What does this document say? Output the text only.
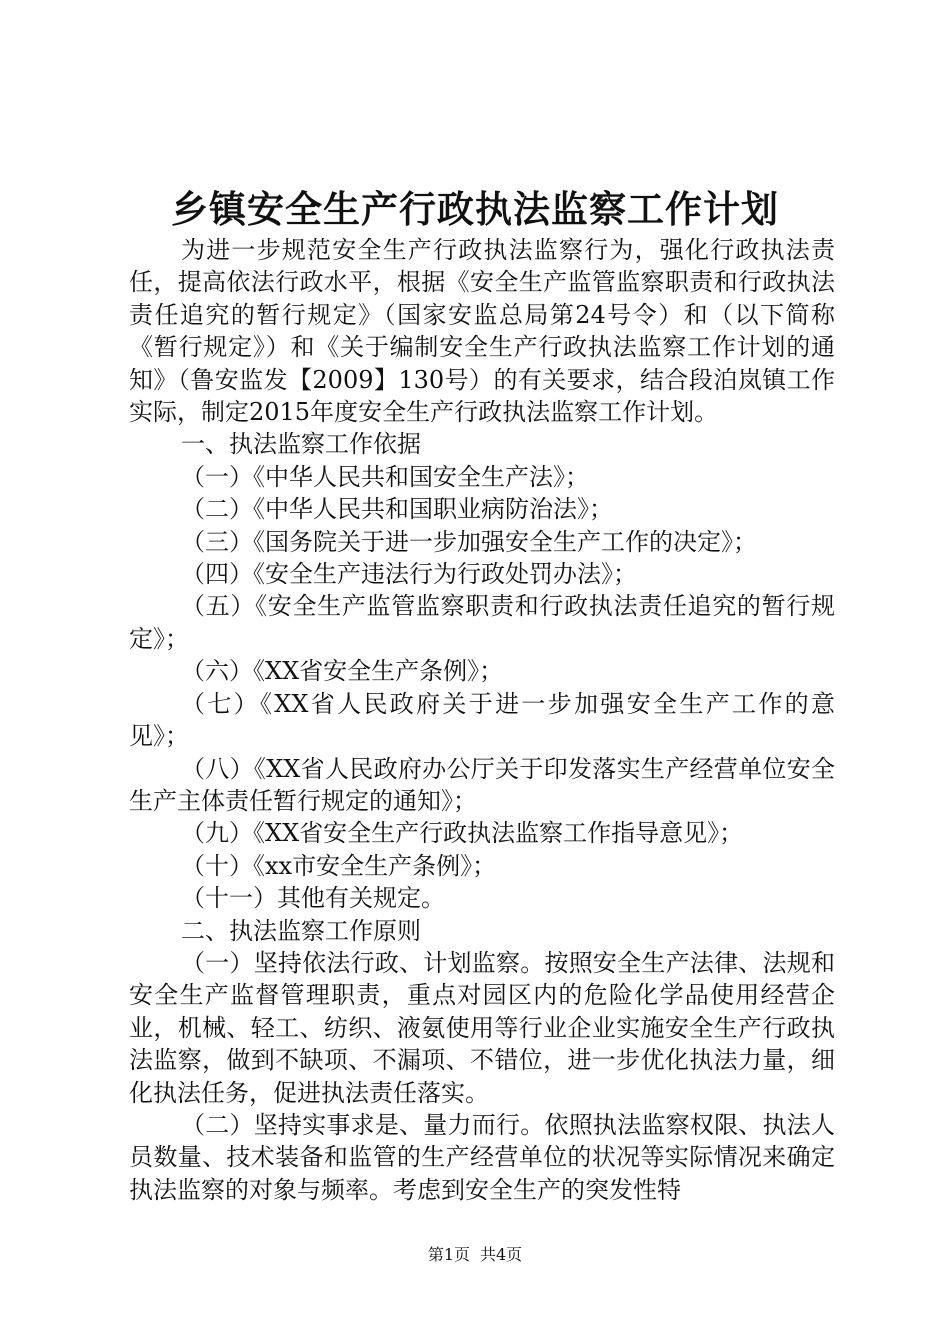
乡镇安全生产行政执法监察工作计划

为进一步规范安全生产行政执法监察行为，强化行政执法责任，提高依法行政水平，根据《安全生产监管监察职责和行政执法责任追究的暂行规定》（国家安监总局第24号令）和（以下简称《暂行规定》）和《关于编制安全生产行政执法监察工作计划的通知》（鲁安监发【2009】130号）的有关要求，结合段泊岚镇工作实际，制定2015年度安全生产行政执法监察工作计划。

一、执法监察工作依据

（一）《中华人民共和国安全生产法》；

（二）《中华人民共和国职业病防治法》；

（三）《国务院关于进一步加强安全生产工作的决定》；

（四）《安全生产违法行为行政处罚办法》；

（五）《安全生产监管监察职责和行政执法责任追究的暂行规定》；

（六）《XX省安全生产条例》；

（七）《XX省人民政府关于进一步加强安全生产工作的意见》；

（八）《XX省人民政府办公厅关于印发落实生产经营单位安全生产主体责任暂行规定的通知》；

（九）《XX省安全生产行政执法监察工作指导意见》；

（十）《xx市安全生产条例》；

（十一）其他有关规定。

二、执法监察工作原则

（一）坚持依法行政、计划监察。按照安全生产法律、法规和安全生产监督管理职责，重点对园区内的危险化学品使用经营企业，机械、轻工、纺织、液氨使用等行业企业实施安全生产行政执法监察，做到不缺项、不漏项、不错位，进一步优化执法力量，细化执法任务，促进执法责任落实。

（二）坚持实事求是、量力而行。依照执法监察权限、执法人员数量、技术装备和监管的生产经营单位的状况等实际情况来确定执法监察的对象与频率。考虑到安全生产的突发性特

第1页 共4页
